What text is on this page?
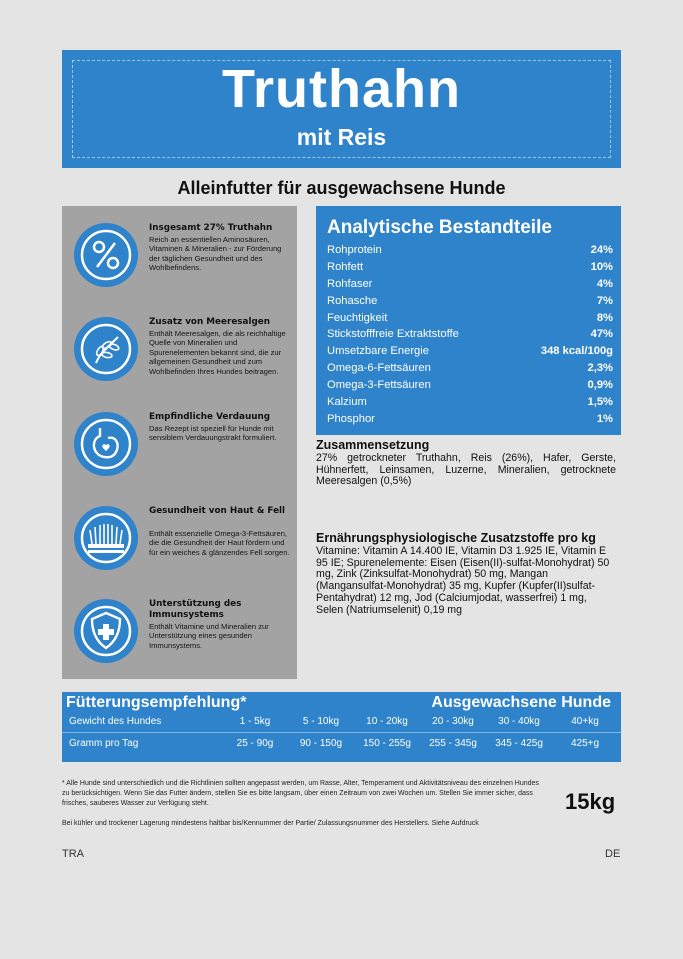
Truthahn
mit Reis
Alleinfutter für ausgewachsene Hunde
Insgesamt 27% Truthahn
Reich an essentiellen Aminosäuren, Vitaminen & Mineralien - zur Förderung der täglichen Gesundheit und des Wohlbefindens.
Zusatz von Meeresalgen
Enthält Meeresalgen, die als reichhaltige Quelle von Mineralien und Spurenelementen bekannt sind, die zur allgemeinen Gesundheit und zum Wohlbefinden Ihres Hundes beitragen.
Empfindliche Verdauung
Das Rezept ist speziell für Hunde mit sensiblem Verdauungstrakt formuliert.
Gesundheit von Haut & Fell
Enthält essenzielle Omega-3-Fettsäuren, die die Gesundheit der Haut fördern und für ein weiches & glänzendes Fell sorgen.
Unterstützung des Immunsystems
Enthält Vitamine und Mineralien zur Unterstützung eines gesunden Immunsystems.
Analytische Bestandteile
Rohprotein	24%
Rohfett	10%
Rohfaser	4%
Rohasche	7%
Feuchtigkeit	8%
Stickstofffreie Extraktstoffe	47%
Umsetzbare Energie	348 kcal/100g
Omega-6-Fettsäuren	2,3%
Omega-3-Fettsäuren	0,9%
Kalzium	1,5%
Phosphor	1%
Zusammensetzung
27% getrockneter Truthahn, Reis (26%), Hafer, Gerste, Hühnerfett, Leinsamen, Luzerne, Mineralien, getrocknete Meeresalgen (0,5%)
Ernährungsphysiologische Zusatzstoffe pro kg
Vitamine: Vitamin A 14.400 IE, Vitamin D3 1.925 IE, Vitamin E 95 IE; Spurenelemente: Eisen (Eisen(II)-sulfat-Monohydrat) 50 mg, Zink (Zinksulfat-Monohydrat) 50 mg, Mangan (Mangansulfat-Monohydrat) 35 mg, Kupfer (Kupfer(II)sulfat-Pentahydrat) 12 mg, Jod (Calciumjodat, wasserfrei) 1 mg, Selen (Natriumselenit) 0,19 mg
Fütterungsempfehlung*	Ausgewachsene Hunde
Gewicht des Hundes	1 - 5kg	5 - 10kg	10 - 20kg	20 - 30kg	30 - 40kg	40+kg
Gramm pro Tag	25 - 90g	90 - 150g	150 - 255g	255 - 345g	345 - 425g	425+g
* Alle Hunde sind unterschiedlich und die Richtlinien sollten angepasst werden, um Rasse, Alter, Temperament und Aktivitätsniveau des einzelnen Hundes zu berücksichtigen. Wenn Sie das Futter ändern, stellen Sie es bitte langsam, über einen Zeitraum von zwei Wochen um. Stellen Sie immer sicher, dass frisches, sauberes Wasser zur Verfügung steht.	15kg
Bei kühler und trockener Lagerung mindestens haltbar bis/Kennummer der Partie/ Zulassungsnummer des Herstellers. Siehe Aufdruck
TRA	DE
